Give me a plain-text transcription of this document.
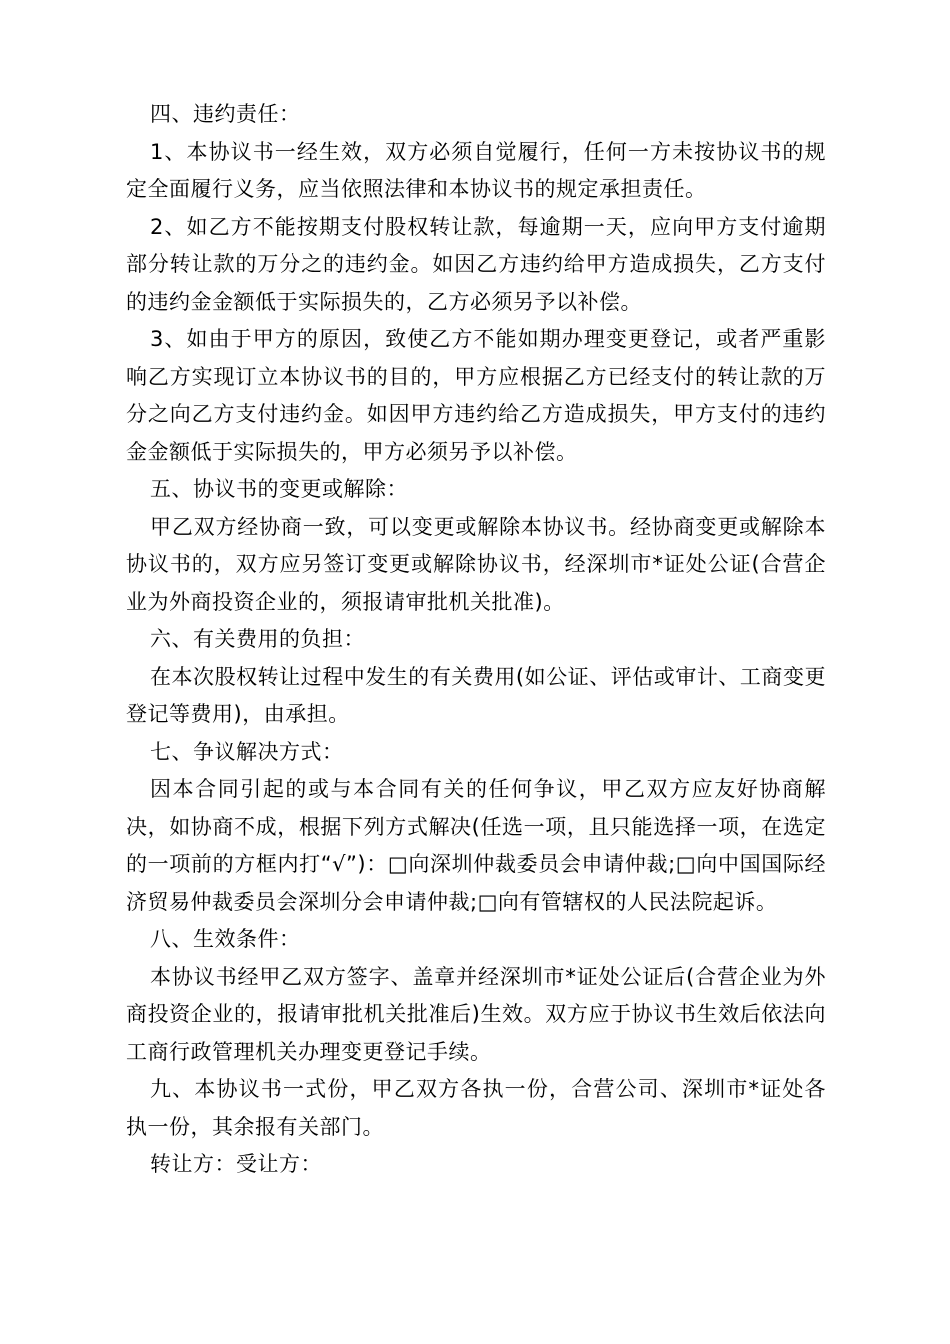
四、违约责任：

1、本协议书一经生效，双方必须自觉履行，任何一方未按协议书的规定全面履行义务，应当依照法律和本协议书的规定承担责任。

2、如乙方不能按期支付股权转让款，每逾期一天，应向甲方支付逾期部分转让款的万分之的违约金。如因乙方违约给甲方造成损失，乙方支付的违约金金额低于实际损失的，乙方必须另予以补偿。

3、如由于甲方的原因，致使乙方不能如期办理变更登记，或者严重影响乙方实现订立本协议书的目的，甲方应根据乙方已经支付的转让款的万分之向乙方支付违约金。如因甲方违约给乙方造成损失，甲方支付的违约金金额低于实际损失的，甲方必须另予以补偿。

五、协议书的变更或解除：

甲乙双方经协商一致，可以变更或解除本协议书。经协商变更或解除本协议书的，双方应另签订变更或解除协议书，经深圳市*证处公证(合营企业为外商投资企业的，须报请审批机关批准)。

六、有关费用的负担：

在本次股权转让过程中发生的有关费用(如公证、评估或审计、工商变更登记等费用)，由承担。

七、争议解决方式：

因本合同引起的或与本合同有关的任何争议，甲乙双方应友好协商解决，如协商不成，根据下列方式解决(任选一项，且只能选择一项，在选定的一项前的方框内打“√”)：□向深圳仲裁委员会申请仲裁;□向中国国际经济贸易仲裁委员会深圳分会申请仲裁;□向有管辖权的人民法院起诉。

八、生效条件：

本协议书经甲乙双方签字、盖章并经深圳市*证处公证后(合营企业为外商投资企业的，报请审批机关批准后)生效。双方应于协议书生效后依法向工商行政管理机关办理变更登记手续。

九、本协议书一式份，甲乙双方各执一份，合营公司、深圳市*证处各执一份，其余报有关部门。

转让方：受让方：
